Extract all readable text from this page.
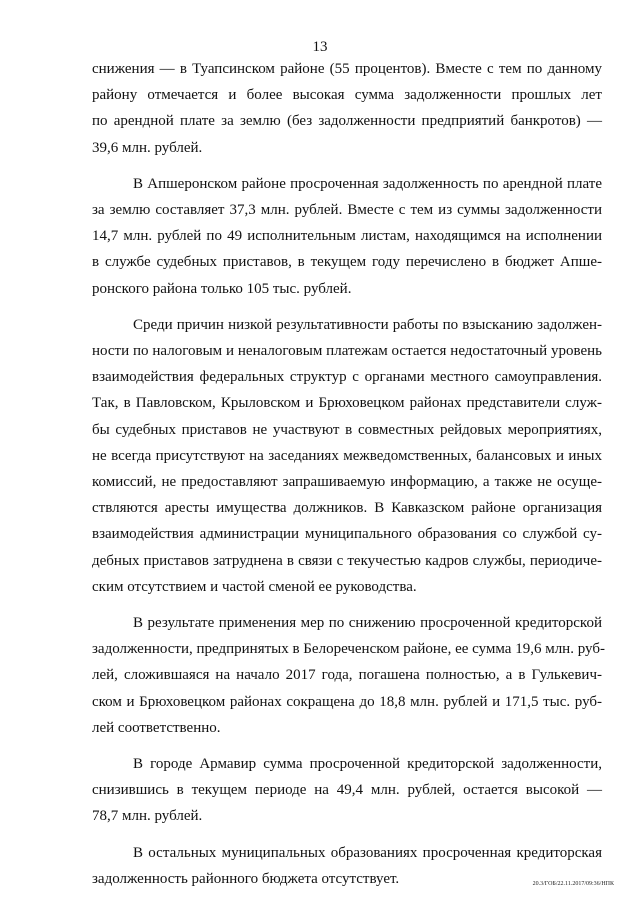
13
снижения — в Туапсинском районе (55 процентов). Вместе с тем по данному
району отмечается и более высокая сумма задолженности прошлых лет
по арендной плате за землю (без задолженности предприятий банкротов) —
39,6 млн. рублей.
В Апшеронском районе просроченная задолженность по арендной плате
за землю составляет 37,3 млн. рублей. Вместе с тем из суммы задолженности
14,7 млн. рублей по 49 исполнительным листам, находящимся на исполнении
в службе судебных приставов, в текущем году перечислено в бюджет Апше-
ронского района только 105 тыс. рублей.
Среди причин низкой результативности работы по взысканию задолжен-
ности по налоговым и неналоговым платежам остается недостаточный уровень
взаимодействия федеральных структур с органами местного самоуправления.
Так, в Павловском, Крыловском и Брюховецком районах представители служ-
бы судебных приставов не участвуют в совместных рейдовых мероприятиях,
не всегда присутствуют на заседаниях межведомственных, балансовых и иных
комиссий, не предоставляют запрашиваемую информацию, а также не осуще-
ствляются аресты имущества должников. В Кавказском районе организация
взаимодействия администрации муниципального образования со службой су-
дебных приставов затруднена в связи с текучестью кадров службы, периодиче-
ским отсутствием и частой сменой ее руководства.
В результате применения мер по снижению просроченной кредиторской
задолженности, предпринятых в Белореченском районе, ее сумма 19,6 млн. руб-
лей, сложившаяся на начало 2017 года, погашена полностью, а в Гулькевич-
ском и Брюховецком районах сокращена до 18,8 млн. рублей и 171,5 тыс. руб-
лей соответственно.
В городе Армавир сумма просроченной кредиторской задолженности,
снизившись в текущем периоде на 49,4 млн. рублей, остается высокой —
78,7 млн. рублей.
В остальных муниципальных образованиях просроченная кредиторская
задолженность районного бюджета отсутствует.	20.3/ГОБ/22.11.2017/09:36/НПК
